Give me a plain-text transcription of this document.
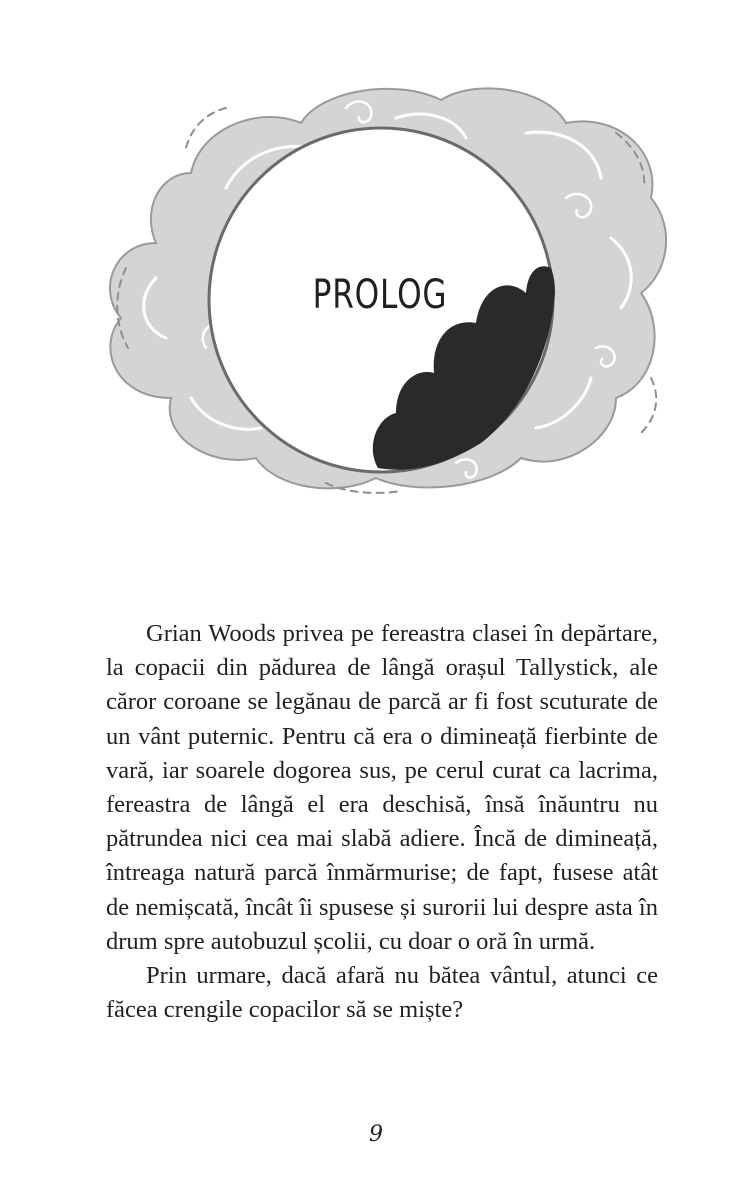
PROLOG

Grian Woods privea pe fereastra clasei în depărtare, la copacii din pădurea de lângă orașul Tallystick, ale căror coroane se legănau de parcă ar fi fost scuturate de un vânt puternic. Pentru că era o dimineață fierbinte de vară, iar soarele dogorea sus, pe cerul curat ca lacrima, fereastra de lângă el era deschisă, însă înăuntru nu pătrundea nici cea mai slabă adiere. Încă de dimineață, întreaga natură parcă înmărmurise; de fapt, fusese atât de nemișcată, încât îi spusese și surorii lui despre asta în drum spre autobuzul școlii, cu doar o oră în urmă.

Prin urmare, dacă afară nu bătea vântul, atunci ce făcea crengile copacilor să se miște?

9
